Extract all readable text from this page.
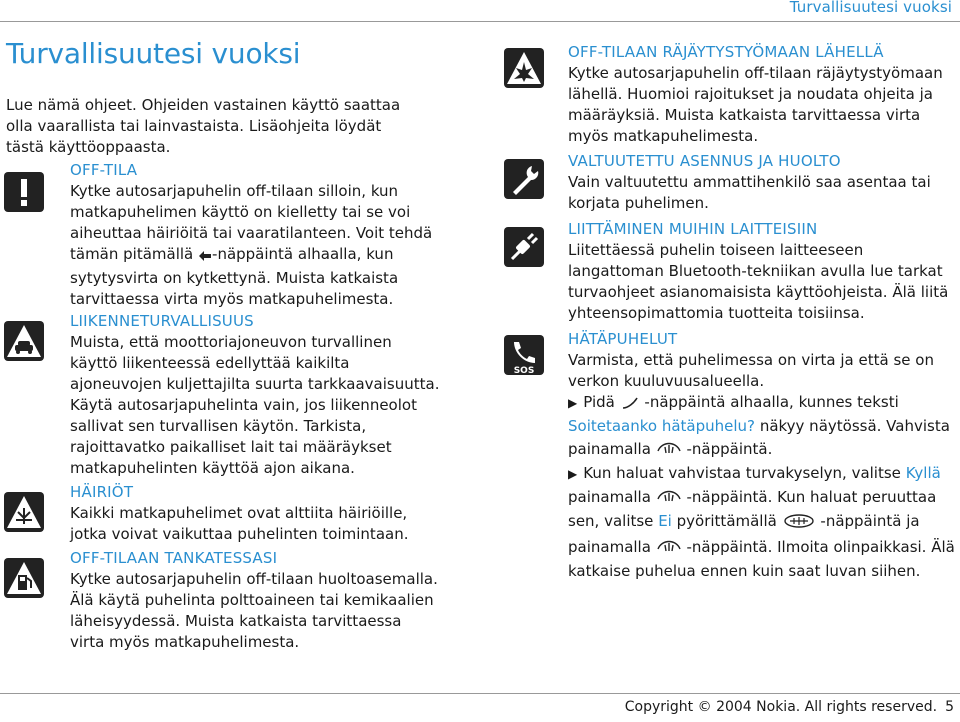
Turvallisuutesi vuoksi
Turvallisuutesi vuoksi

Lue nämä ohjeet. Ohjeiden vastainen käyttö saattaa olla vaarallista tai lainvastaista. Lisäohjeita löydät tästä käyttöoppaasta.

OFF-TILA

Kytke autosarjapuhelin off-tilaan silloin, kun matkapuhelimen käyttö on kielletty tai se voi aiheuttaa häiriöitä tai vaaratilanteen. Voit tehdä tämän pitämällä -näppäintä alhaalla, kun sytytysvirta on kytkettynä. Muista katkaista tarvittaessa virta myös matkapuhelimesta.

LIIKENNETURVALLISUUS

Muista, että moottoriajoneuvon turvallinen käyttö liikenteessä edellyttää kaikilta ajoneuvojen kuljettajilta suurta tarkkaavaisuutta. Käytä autosarjapuhelinta vain, jos liikenneolot sallivat sen turvallisen käytön. Tarkista, rajoittavatko paikalliset lait tai määräykset matkapuhelinten käyttöä ajon aikana.

HÄIRIÖT

Kaikki matkapuhelimet ovat alttiita häiriöille, jotka voivat vaikuttaa puhelinten toimintaan.

OFF-TILAAN TANKATESSASI

Kytke autosarjapuhelin off-tilaan huoltoasemalla. Älä käytä puhelinta polttoaineen tai kemikaalien läheisyydessä. Muista katkaista tarvittaessa virta myös matkapuhelimesta.

OFF-TILAAN RÄJÄYTYSTYÖMAAN LÄHELLÄ

Kytke autosarjapuhelin off-tilaan räjäytystyömaan lähellä. Huomioi rajoitukset ja noudata ohjeita ja määräyksiä. Muista katkaista tarvittaessa virta myös matkapuhelimesta.

VALTUUTETTU ASENNUS JA HUOLTO

Vain valtuutettu ammattihenkilö saa asentaa tai korjata puhelimen.

LIITTÄMINEN MUIHIN LAITTEISIIN

Liitettäessä puhelin toiseen laitteeseen langattoman Bluetooth-tekniikan avulla lue tarkat turvaohjeet asianomaisista käyttöohjeista. Älä liitä yhteensopimattomia tuotteita toisiinsa.

SOS

HÄTÄPUHELUT

Varmista, että puhelimessa on virta ja että se on verkon kuuluvuusalueella.

▶ Pidä -näppäintä alhaalla, kunnes teksti Soitetaanko hätäpuhelu? näkyy näytössä. Vahvista painamalla -näppäintä.

▶ Kun haluat vahvistaa turvakyselyn, valitse Kyllä painamalla -näppäintä. Kun haluat peruuttaa sen, valitse Ei pyörittämällä	-näppäintä ja painamalla -näppäintä. Ilmoita olinpaikkasi. Älä katkaise puhelua ennen kuin saat luvan siihen.

Copyright © 2004 Nokia. All rights reserved. 5
